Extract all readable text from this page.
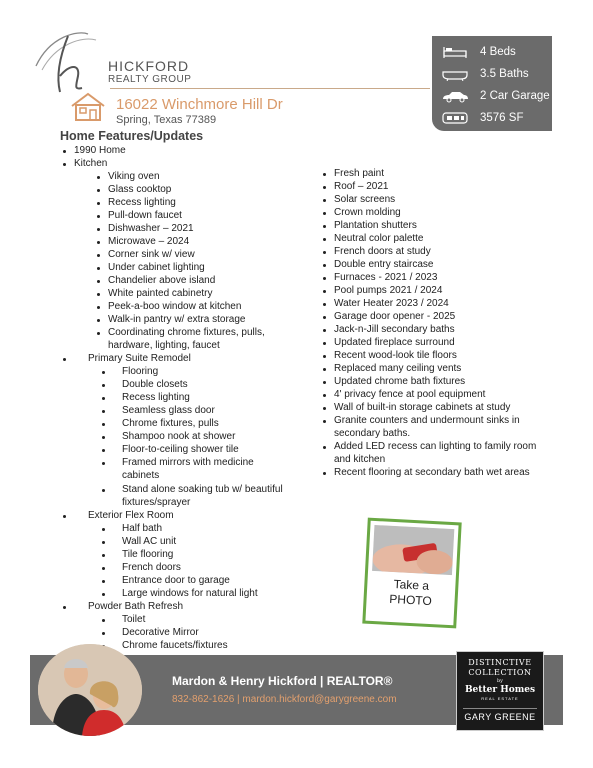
HICKFORD
REALTY GROUP
4 Beds
3.5 Baths
2 Car Garage
3576 SF
16022 Winchmore Hill Dr
Spring, Texas 77389
Home Features/Updates
1990 Home
Kitchen
Viking oven
Glass cooktop
Recess lighting
Pull-down faucet
Dishwasher – 2021
Microwave – 2024
Corner sink w/ view
Under cabinet lighting
Chandelier above island
White painted cabinetry
Peek-a-boo window at kitchen
Walk-in pantry w/ extra storage
Coordinating chrome fixtures, pulls,
hardware, lighting, faucet
Primary Suite Remodel
Flooring
Double closets
Recess lighting
Seamless glass door
Chrome fixtures, pulls
Shampoo nook at shower
Floor-to-ceiling shower tile
Framed mirrors with medicine
cabinets
Stand alone soaking tub w/ beautiful
fixtures/sprayer
Exterior Flex Room
Half bath
Wall AC unit
Tile flooring
French doors
Entrance door to garage
Large windows for natural light
Powder Bath Refresh
Toilet
Decorative Mirror
Chrome faucets/fixtures
Fresh paint
Roof – 2021
Solar screens
Crown molding
Plantation shutters
Neutral color palette
French doors at study
Double entry staircase
Furnaces - 2021 / 2023
Pool pumps 2021 / 2024
Water Heater 2023 / 2024
Garage door opener - 2025
Jack-n-Jill secondary baths
Updated fireplace surround
Recent wood-look tile floors
Replaced many ceiling vents
Updated chrome bath fixtures
4' privacy fence at pool equipment
Wall of built-in storage cabinets at study
Granite counters and undermount sinks in
secondary baths.
Added LED recess can lighting to family room
and kitchen
Recent flooring at secondary bath wet areas
Take a
PHOTO
Mardon & Henry Hickford | REALTOR®
832-862-1626 | mardon.hickford@garygreene.com
DISTINCTIVE
COLLECTION
by
Better Homes
REAL ESTATE
GARY GREENE
